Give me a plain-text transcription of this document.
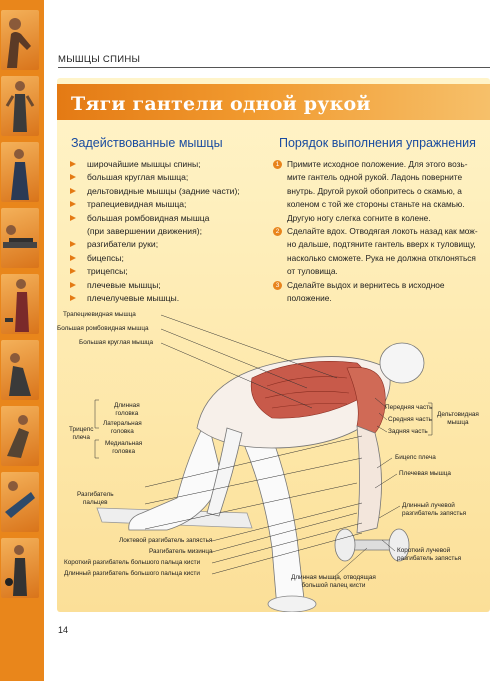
МЫШЦЫ СПИНЫ
Тяги гантели одной рукой
Задействованные мышцы	Порядок выполнения упражнения
широчайшие мышцы спины;
большая круглая мышца;
дельтовидные мышцы (задние части);
трапециевидная мышца;
большая ромбовидная мышца
(при завершении движения);
разгибатели руки;
бицепсы;
трицепсы;
плечевые мышцы;
плечелучевые мышцы.
1 Примите исходное положение. Для этого возь-
мите гантель одной рукой. Ладонь поверните
внутрь. Другой рукой обопритесь о скамью, а
коленом с той же стороны станьте на скамью.
Другую ногу слегка согните в колене.
2 Сделайте вдох. Отводягая локоть назад как мож-
но дальше, подтяните гантель вверх к туловищу,
насколько сможете. Рука не должна отклоняться
от туловища.
3 Сделайте выдох и вернитесь в исходное положение.
Трапециевидная мышца
Большая ромбовидная мышца
Большая круглая мышца
Длинная
головка
Латеральная
головка
Трицепс
плеча
Медиальная
головка
Передняя часть
Средняя часть
Задняя часть
Дельтовидная
мышца
Бицепс плеча
Плечевая мышца
Разгибатель
пальцев
Локтевой разгибатель запястья
Разгибатель мизинца
Короткий разгибатель большого пальца кисти
Длинный разгибатель большого пальца кисти
Длинный лучевой
разгибатель запястья
Короткий лучевой
разгибатель запястья
Длинная мышца, отводящая
большой палец кисти
14
